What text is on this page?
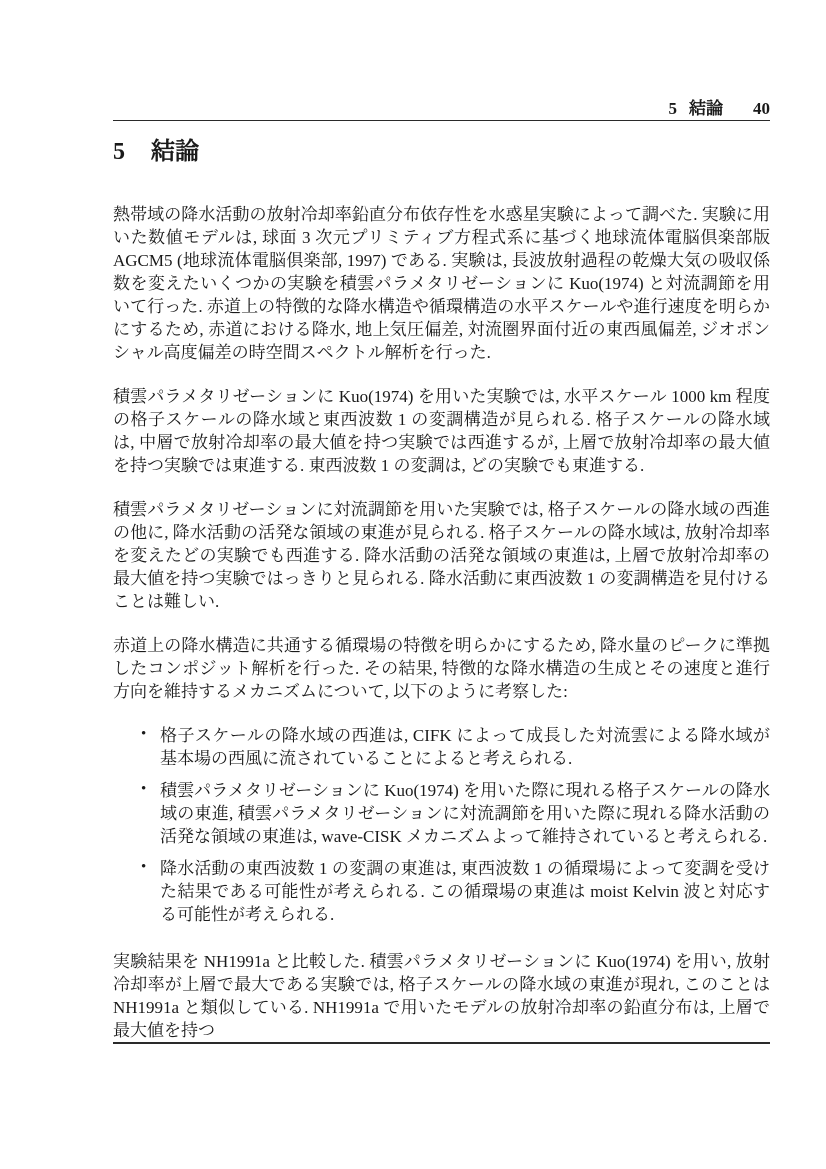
5 結論 40
5 結論

熱帯域の降水活動の放射冷却率鉛直分布依存性を水惑星実験によって調べた. 実験に用いた数値モデルは, 球面 3 次元プリミティブ方程式系に基づく地球流体電脳倶楽部版 AGCM5 (地球流体電脳倶楽部, 1997) である. 実験は, 長波放射過程の乾燥大気の吸収係数を変えたいくつかの実験を積雲パラメタリゼーションに Kuo(1974) と対流調節を用いて行った. 赤道上の特徴的な降水構造や循環構造の水平スケールや進行速度を明らかにするため, 赤道における降水, 地上気圧偏差, 対流圏界面付近の東西風偏差, ジオポンシャル高度偏差の時空間スペクトル解析を行った.

積雲パラメタリゼーションに Kuo(1974) を用いた実験では, 水平スケール 1000 km 程度の格子スケールの降水域と東西波数 1 の変調構造が見られる. 格子スケールの降水域は, 中層で放射冷却率の最大値を持つ実験では西進するが, 上層で放射冷却率の最大値を持つ実験では東進する. 東西波数 1 の変調は, どの実験でも東進する.

積雲パラメタリゼーションに対流調節を用いた実験では, 格子スケールの降水域の西進の他に, 降水活動の活発な領域の東進が見られる. 格子スケールの降水域は, 放射冷却率を変えたどの実験でも西進する. 降水活動の活発な領域の東進は, 上層で放射冷却率の最大値を持つ実験ではっきりと見られる. 降水活動に東西波数 1 の変調構造を見付けることは難しい.

赤道上の降水構造に共通する循環場の特徴を明らかにするため, 降水量のピークに準拠したコンポジット解析を行った. その結果, 特徴的な降水構造の生成とその速度と進行方向を維持するメカニズムについて, 以下のように考察した:

• 格子スケールの降水域の西進は, CIFK によって成長した対流雲による降水域が基本場の西風に流されていることによると考えられる.
• 積雲パラメタリゼーションに Kuo(1974) を用いた際に現れる格子スケールの降水域の東進, 積雲パラメタリゼーションに対流調節を用いた際に現れる降水活動の活発な領域の東進は, wave-CISK メカニズムよって維持されていると考えられる.
• 降水活動の東西波数 1 の変調の東進は, 東西波数 1 の循環場によって変調を受けた結果である可能性が考えられる. この循環場の東進は moist Kelvin 波と対応する可能性が考えられる.

実験結果を NH1991a と比較した. 積雲パラメタリゼーションに Kuo(1974) を用い, 放射冷却率が上層で最大である実験では, 格子スケールの降水域の東進が現れ, このことは NH1991a と類似している. NH1991a で用いたモデルの放射冷却率の鉛直分布は, 上層で最大値を持つ
